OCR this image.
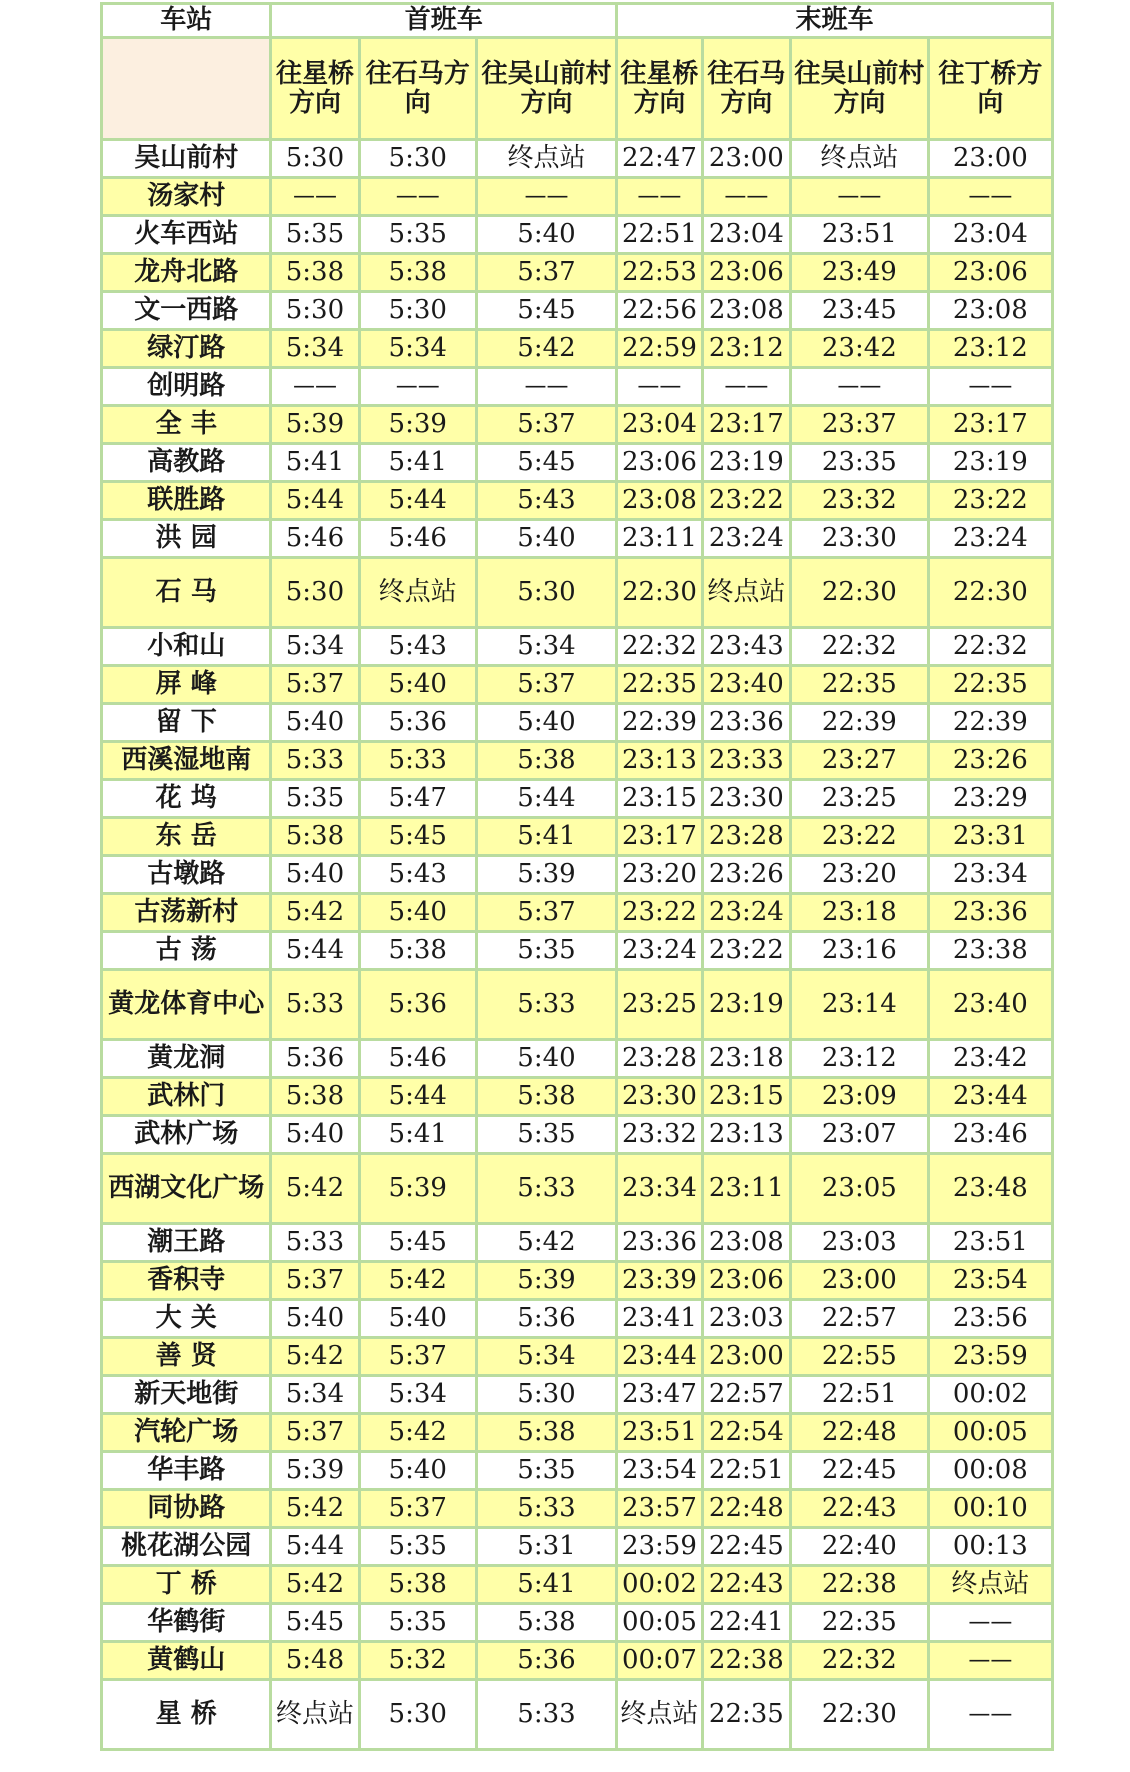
车站	首班车			末班车			
	往星桥方向	往石马方向	往吴山前村方向	往星桥方向	往石马方向	往吴山前村方向	往丁桥方向
吴山前村	5:30	5:30	终点站	22:47	23:00	终点站	23:00
汤家村	——	——	——	——	——	——	——
火车西站	5:35	5:35	5:40	22:51	23:04	23:51	23:04
龙舟北路	5:38	5:38	5:37	22:53	23:06	23:49	23:06
文一西路	5:30	5:30	5:45	22:56	23:08	23:45	23:08
绿汀路	5:34	5:34	5:42	22:59	23:12	23:42	23:12
创明路	——	——	——	——	——	——	——
全 丰	5:39	5:39	5:37	23:04	23:17	23:37	23:17
高教路	5:41	5:41	5:45	23:06	23:19	23:35	23:19
联胜路	5:44	5:44	5:43	23:08	23:22	23:32	23:22
洪 园	5:46	5:46	5:40	23:11	23:24	23:30	23:24
石 马	5:30	终点站	5:30	22:30	终点站	22:30	22:30
小和山	5:34	5:43	5:34	22:32	23:43	22:32	22:32
屏 峰	5:37	5:40	5:37	22:35	23:40	22:35	22:35
留 下	5:40	5:36	5:40	22:39	23:36	22:39	22:39
西溪湿地南	5:33	5:33	5:38	23:13	23:33	23:27	23:26
花 坞	5:35	5:47	5:44	23:15	23:30	23:25	23:29
东 岳	5:38	5:45	5:41	23:17	23:28	23:22	23:31
古墩路	5:40	5:43	5:39	23:20	23:26	23:20	23:34
古荡新村	5:42	5:40	5:37	23:22	23:24	23:18	23:36
古 荡	5:44	5:38	5:35	23:24	23:22	23:16	23:38
黄龙体育中心	5:33	5:36	5:33	23:25	23:19	23:14	23:40
黄龙洞	5:36	5:46	5:40	23:28	23:18	23:12	23:42
武林门	5:38	5:44	5:38	23:30	23:15	23:09	23:44
武林广场	5:40	5:41	5:35	23:32	23:13	23:07	23:46
西湖文化广场	5:42	5:39	5:33	23:34	23:11	23:05	23:48
潮王路	5:33	5:45	5:42	23:36	23:08	23:03	23:51
香积寺	5:37	5:42	5:39	23:39	23:06	23:00	23:54
大 关	5:40	5:40	5:36	23:41	23:03	22:57	23:56
善 贤	5:42	5:37	5:34	23:44	23:00	22:55	23:59
新天地街	5:34	5:34	5:30	23:47	22:57	22:51	00:02
汽轮广场	5:37	5:42	5:38	23:51	22:54	22:48	00:05
华丰路	5:39	5:40	5:35	23:54	22:51	22:45	00:08
同协路	5:42	5:37	5:33	23:57	22:48	22:43	00:10
桃花湖公园	5:44	5:35	5:31	23:59	22:45	22:40	00:13
丁 桥	5:42	5:38	5:41	00:02	22:43	22:38	终点站
华鹤街	5:45	5:35	5:38	00:05	22:41	22:35	——
黄鹤山	5:48	5:32	5:36	00:07	22:38	22:32	——
星 桥	终点站	5:30	5:33	终点站	22:35	22:30	——
